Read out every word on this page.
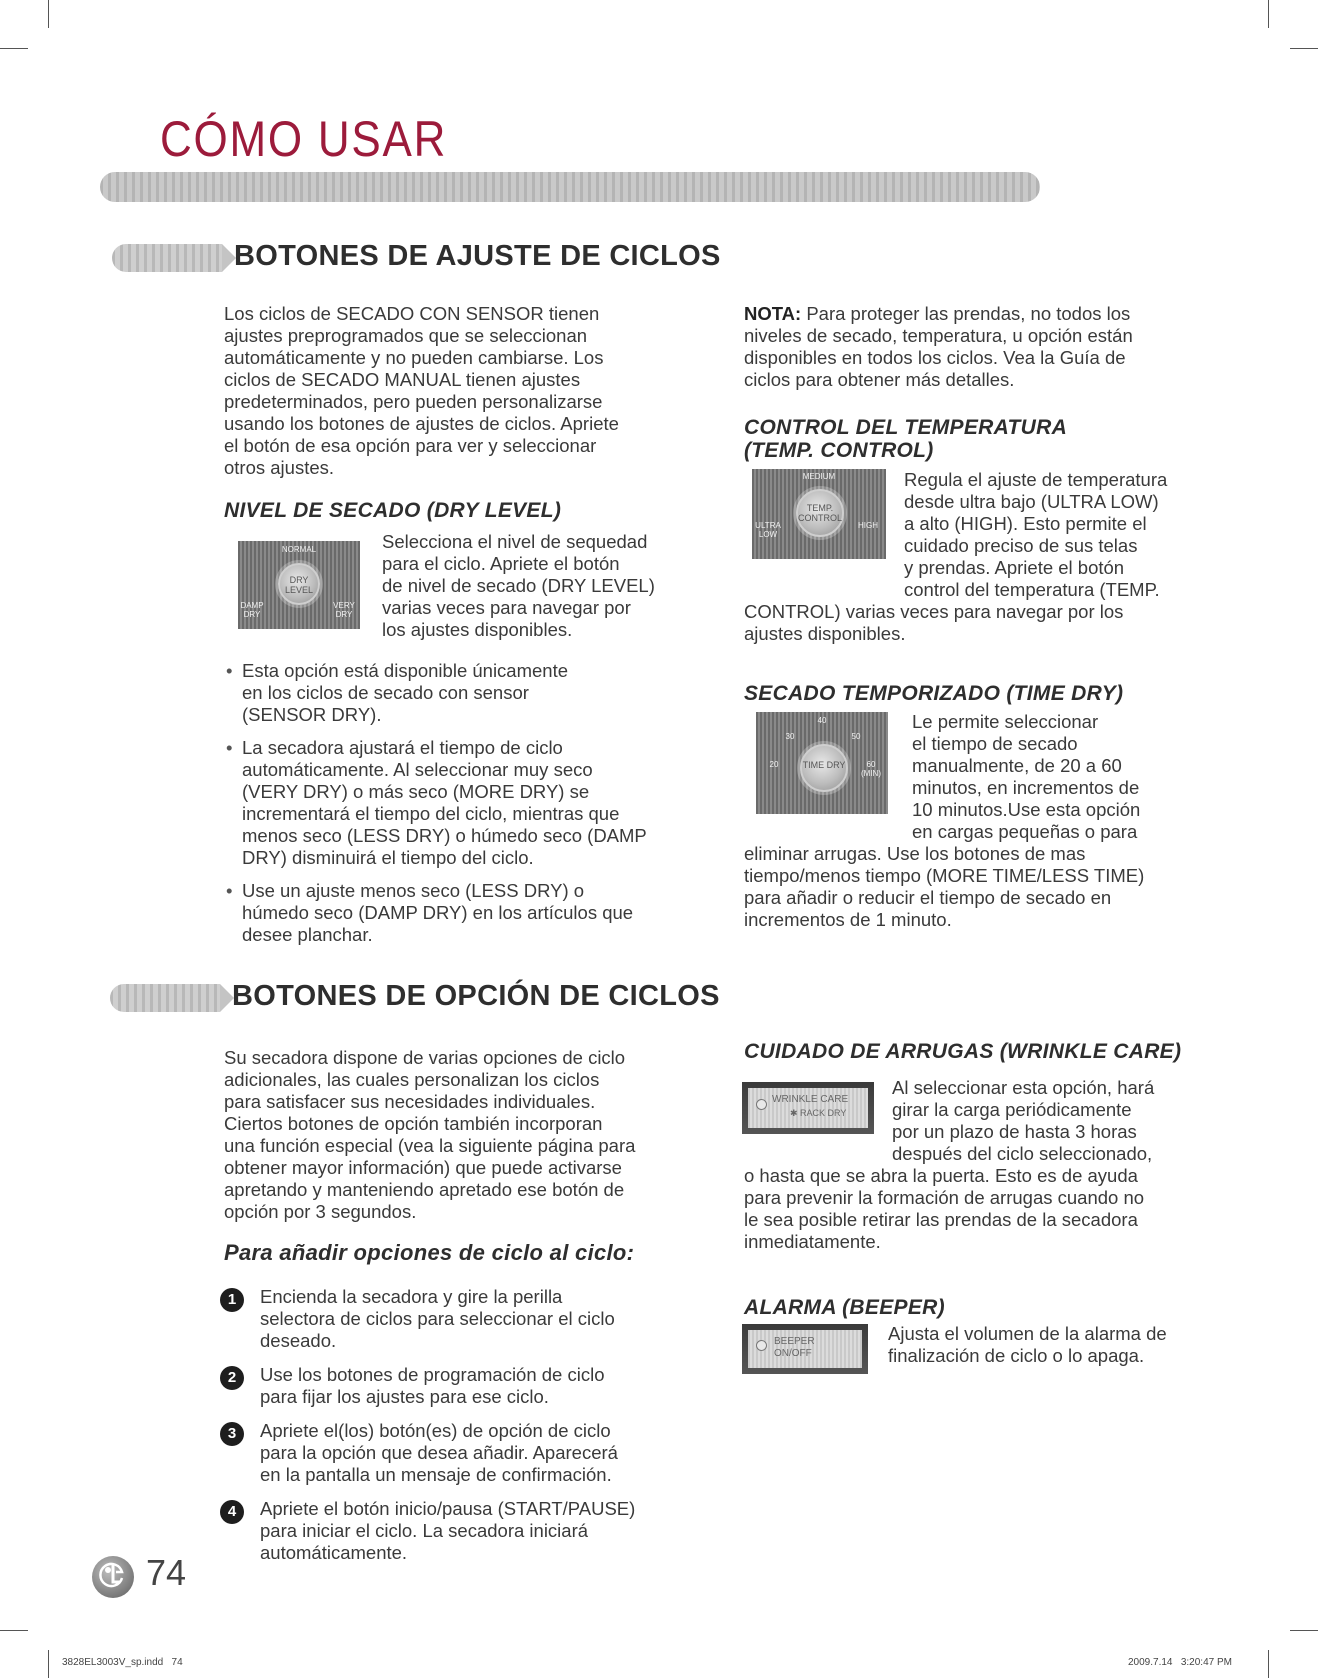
CÓMO USAR
BOTONES DE AJUSTE DE CICLOS
Los ciclos de SECADO CON SENSOR tienen
ajustes preprogramados que se seleccionan
automáticamente y no pueden cambiarse. Los
ciclos de SECADO MANUAL tienen ajustes
predeterminados, pero pueden personalizarse
usando los botones de ajustes de ciclos. Apriete
el botón de esa opción para ver y seleccionar
otros ajustes.
NIVEL DE SECADO (DRY LEVEL)
NORMAL
DRY LEVEL
DAMP DRY
VERY DRY
Selecciona el nivel de sequedad
para el ciclo. Apriete el botón
de nivel de secado (DRY LEVEL)
varias veces para navegar por
los ajustes disponibles.
• Esta opción está disponible únicamente
en los ciclos de secado con sensor
(SENSOR DRY).
• La secadora ajustará el tiempo de ciclo
automáticamente. Al seleccionar muy seco
(VERY DRY) o más seco (MORE DRY) se
incrementará el tiempo del ciclo, mientras que
menos seco (LESS DRY) o húmedo seco (DAMP
DRY) disminuirá el tiempo del ciclo.
• Use un ajuste menos seco (LESS DRY) o
húmedo seco (DAMP DRY) en los artículos que
desee planchar.
NOTA: Para proteger las prendas, no todos los
niveles de secado, temperatura, u opción están
disponibles en todos los ciclos. Vea la Guía de
ciclos para obtener más detalles.
CONTROL DEL TEMPERATURA
(TEMP. CONTROL)
MEDIUM
TEMP. CONTROL
ULTRA LOW
HIGH
Regula el ajuste de temperatura
desde ultra bajo (ULTRA LOW)
a alto (HIGH). Esto permite el
cuidado preciso de sus telas
y prendas. Apriete el botón
control del temperatura (TEMP.
CONTROL) varias veces para navegar por los
ajustes disponibles.
SECADO TEMPORIZADO (TIME DRY)
40
30	50
20	60 (MIN)
TIME DRY
Le permite seleccionar
el tiempo de secado
manualmente, de 20 a 60
minutos, en incrementos de
10 minutos.Use esta opción
en cargas pequeñas o para
eliminar arrugas. Use los botones de mas
tiempo/menos tiempo (MORE TIME/LESS TIME)
para añadir o reducir el tiempo de secado en
incrementos de 1 minuto.
BOTONES DE OPCIÓN DE CICLOS
Su secadora dispone de varias opciones de ciclo
adicionales, las cuales personalizan los ciclos
para satisfacer sus necesidades individuales.
Ciertos botones de opción también incorporan
una función especial (vea la siguiente página para
obtener mayor información) que puede activarse
apretando y manteniendo apretado ese botón de
opción por 3 segundos.
Para añadir opciones de ciclo al ciclo:
1	Encienda la secadora y gire la perilla
selectora de ciclos para seleccionar el ciclo
deseado.
2	Use los botones de programación de ciclo
para fijar los ajustes para ese ciclo.
3	Apriete el(los) botón(es) de opción de ciclo
para la opción que desea añadir. Aparecerá
en la pantalla un mensaje de confirmación.
4	Apriete el botón inicio/pausa (START/PAUSE)
para iniciar el ciclo. La secadora iniciará
automáticamente.
CUIDADO DE ARRUGAS (WRINKLE CARE)
WRINKLE CARE
✱ RACK DRY
Al seleccionar esta opción, hará
girar la carga periódicamente
por un plazo de hasta 3 horas
después del ciclo seleccionado,
o hasta que se abra la puerta. Esto es de ayuda
para prevenir la formación de arrugas cuando no
le sea posible retirar las prendas de la secadora
inmediatamente.
ALARMA (BEEPER)
BEEPER
ON/OFF
Ajusta el volumen de la alarma de
finalización de ciclo o lo apaga.
74
3828EL3003V_sp.indd   74	2009.7.14   3:20:47 PM
